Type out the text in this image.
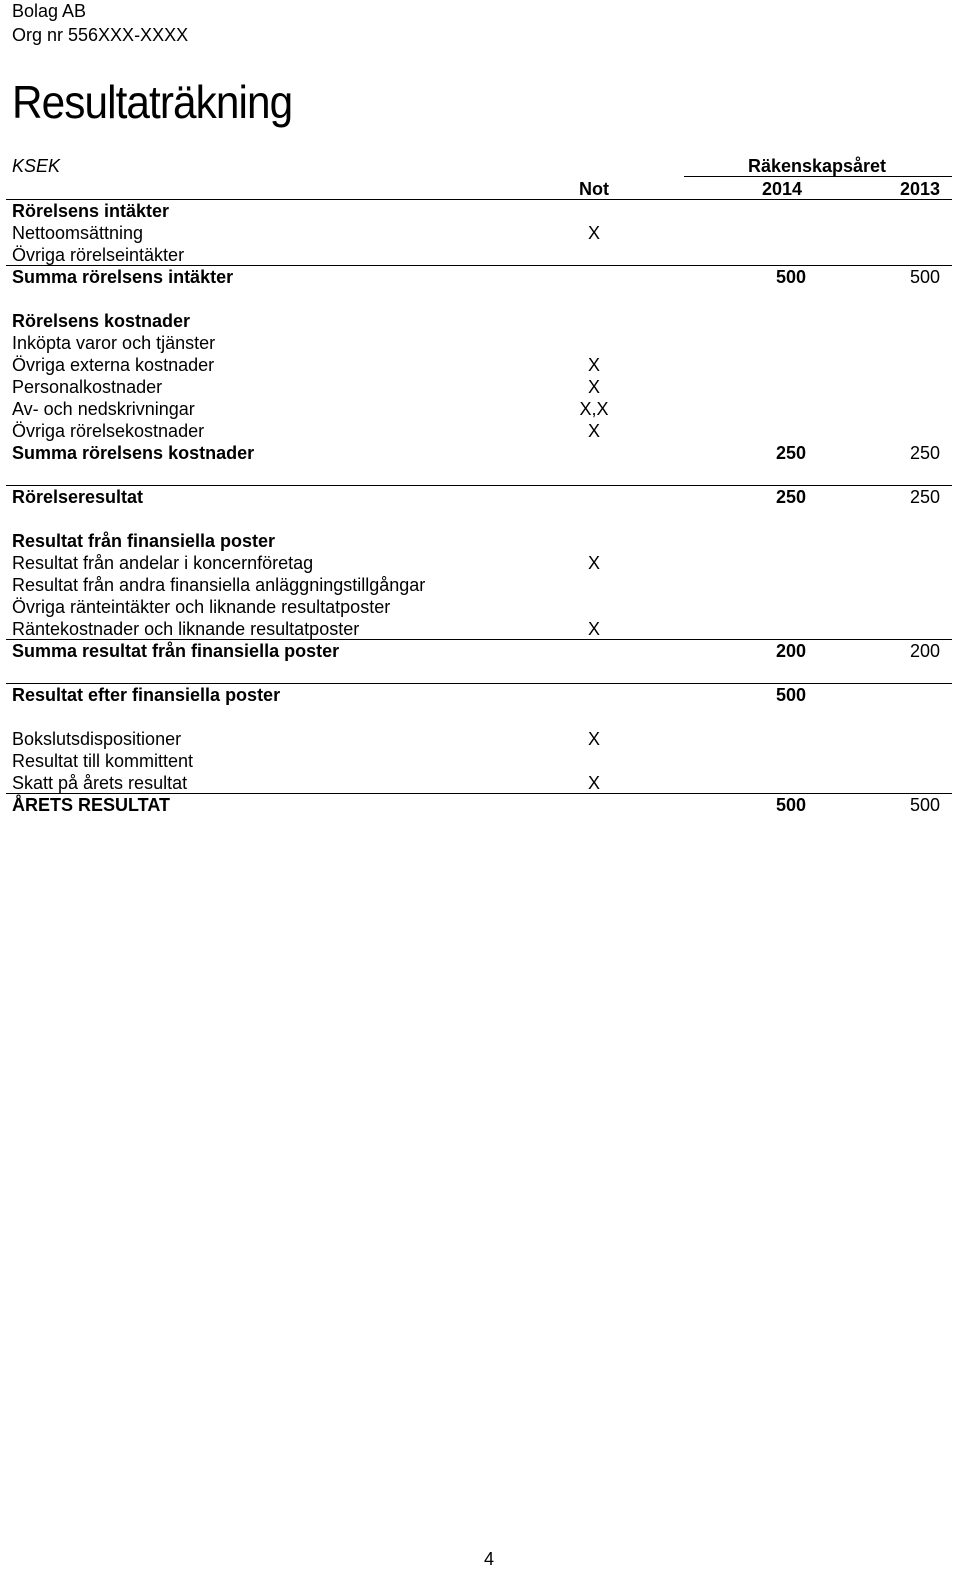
Bolag AB
Org nr 556XXX-XXXX
Resultaträkning
KSEK	Räkenskapsåret
Not	2014	2013
Rörelsens intäkter
Nettoomsättning	X
Övriga rörelseintäkter
Summa rörelsens intäkter	500	500
Rörelsens kostnader
Inköpta varor och tjänster
Övriga externa kostnader	X
Personalkostnader	X
Av- och nedskrivningar	X,X
Övriga rörelsekostnader	X
Summa rörelsens kostnader	250	250
Rörelseresultat	250	250
Resultat från finansiella poster
Resultat från andelar i koncernföretag	X
Resultat från andra finansiella anläggningstillgångar
Övriga ränteintäkter och liknande resultatposter
Räntekostnader och liknande resultatposter	X
Summa resultat från finansiella poster	200	200
Resultat efter finansiella poster	500
Bokslutsdispositioner	X
Resultat till kommittent
Skatt på årets resultat	X
ÅRETS RESULTAT	500	500
4
